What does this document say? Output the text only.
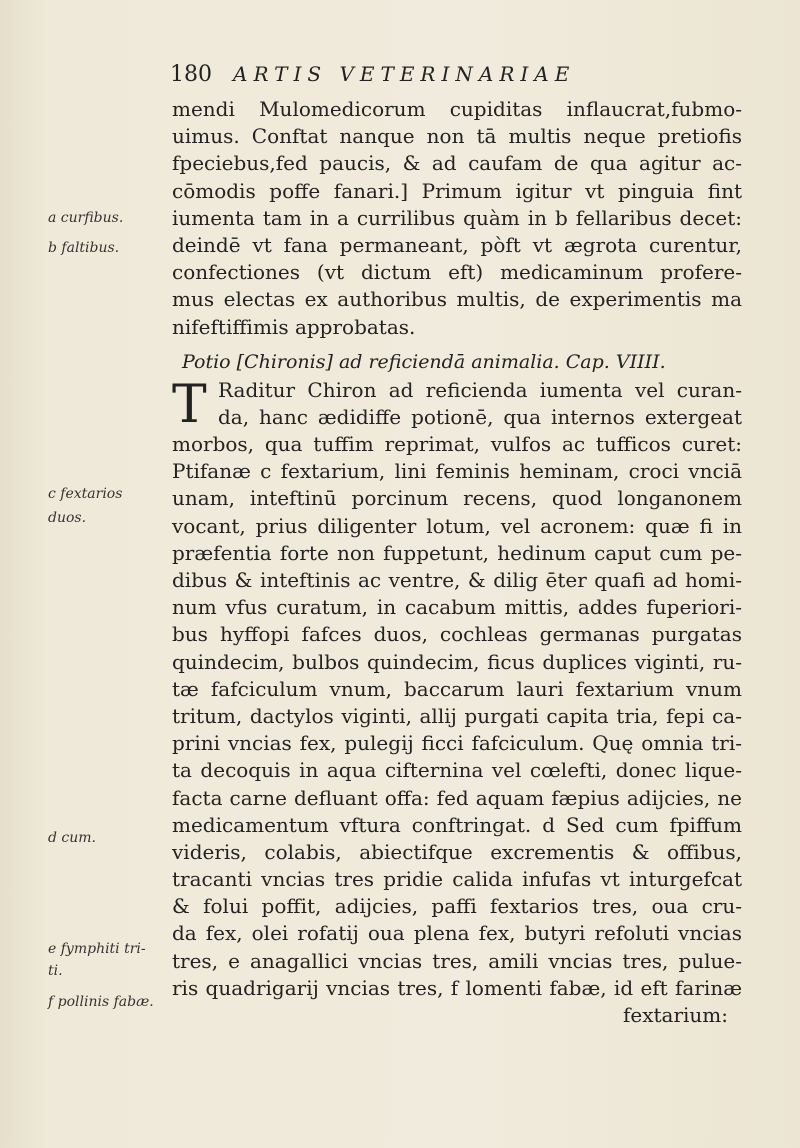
180 ARTIS VETERINARIAE
a curfibus.
b faltibus.
c fextarios duos.
d cum.
e fymphiti tri-ti.
f pollinis fabæ.
mendi Mulomedicorum cupiditas inflaucrat,fubmo-
uimus. Conftat nanque non tā multis neque pretiofis
fpeciebus,fed paucis, & ad caufam de qua agitur ac-
cōmodis poffe fanari.] Primum igitur vt pinguia fint
iumenta tam in a currilibus quàm in b fellaribus decet:
deindē vt fana permaneant, pòft vt ægrota curentur,
confectiones (vt dictum eft) medicaminum profere-
mus electas ex authoribus multis, de experimentis ma
nifeftiffimis approbatas.
Potio [Chironis] ad reficiendā animalia. Cap. VIIII.
T Raditur Chiron ad reficienda iumenta vel curan-
da, hanc ædidiffe potionē, qua internos extergeat
morbos, qua tuffim reprimat, vulfos ac tufficos curet:
Ptifanæ c fextarium, lini feminis heminam, croci vnciā
unam, inteftinū porcinum recens, quod longanonem
vocant, prius diligenter lotum, vel acronem: quæ fi in
præfentia forte non fuppetunt, hedinum caput cum pe-
dibus & inteftinis ac ventre, & dilig ēter quafi ad homi-
num vfus curatum, in cacabum mittis, addes fuperiori-
bus hyffopi fafces duos, cochleas germanas purgatas
quindecim, bulbos quindecim, ficus duplices viginti, ru-
tæ fafciculum vnum, baccarum lauri fextarium vnum
tritum, dactylos viginti, allij purgati capita tria, fepi ca-
prini vncias fex, pulegij ficci fafciculum. Quę omnia tri-
ta decoquis in aqua cifternina vel cœlefti, donec lique-
facta carne defluant offa: fed aquam fæpius adijcies, ne
medicamentum vftura conftringat. d Sed cum fpiffum
videris, colabis, abiectifque excrementis & offibus,
tracanti vncias tres pridie calida infufas vt inturgefcat
& folui poffit, adijcies, paffi fextarios tres, oua cru-
da fex, olei rofatij oua plena fex, butyri refoluti vncias
tres, e anagallici vncias tres, amili vncias tres, pulue-
ris quadrigarij vncias tres, f lomenti fabæ, id eft farinæ
fextarium:
